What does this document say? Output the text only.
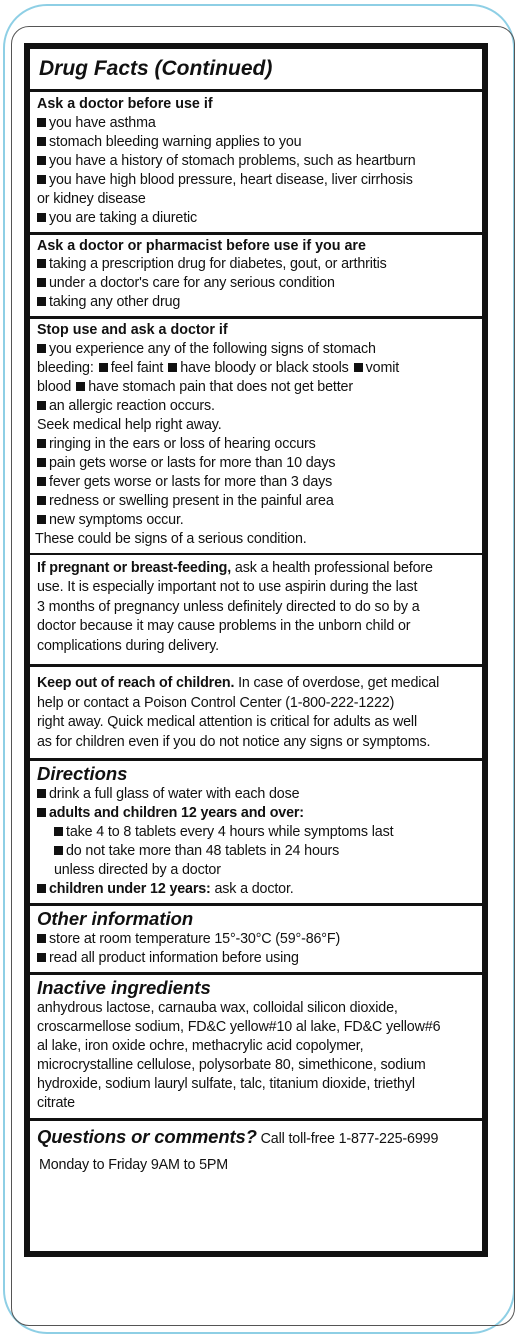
Drug Facts (Continued)
Ask a doctor before use if
you have asthma
stomach bleeding warning applies to you
you have a history of stomach problems, such as heartburn
you have high blood pressure, heart disease, liver cirrhosis
or kidney disease
you are taking a diuretic
Ask a doctor or pharmacist before use if you are
taking a prescription drug for diabetes, gout, or arthritis
under a doctor's care for any serious condition
taking any other drug
Stop use and ask a doctor if
you experience any of the following signs of stomach
bleeding: feel faint have bloody or black stools vomit
blood have stomach pain that does not get better
an allergic reaction occurs.
Seek medical help right away.
ringing in the ears or loss of hearing occurs
pain gets worse or lasts for more than 10 days
fever gets worse or lasts for more than 3 days
redness or swelling present in the painful area
new symptoms occur.
These could be signs of a serious condition.
If pregnant or breast-feeding, ask a health professional before
use. It is especially important not to use aspirin during the last
3 months of pregnancy unless definitely directed to do so by a
doctor because it may cause problems in the unborn child or
complications during delivery.
Keep out of reach of children. In case of overdose, get medical
help or contact a Poison Control Center (1-800-222-1222)
right away. Quick medical attention is critical for adults as well
as for children even if you do not notice any signs or symptoms.
Directions
drink a full glass of water with each dose
adults and children 12 years and over:
take 4 to 8 tablets every 4 hours while symptoms last
do not take more than 48 tablets in 24 hours
unless directed by a doctor
children under 12 years: ask a doctor.
Other information
store at room temperature 15°-30°C (59°-86°F)
read all product information before using
Inactive ingredients
anhydrous lactose, carnauba wax, colloidal silicon dioxide,
croscarmellose sodium, FD&C yellow#10 al lake, FD&C yellow#6
al lake, iron oxide ochre, methacrylic acid copolymer,
microcrystalline cellulose, polysorbate 80, simethicone, sodium
hydroxide, sodium lauryl sulfate, talc, titanium dioxide, triethyl
citrate
Questions or comments? Call toll-free 1-877-225-6999
Monday to Friday 9AM to 5PM
